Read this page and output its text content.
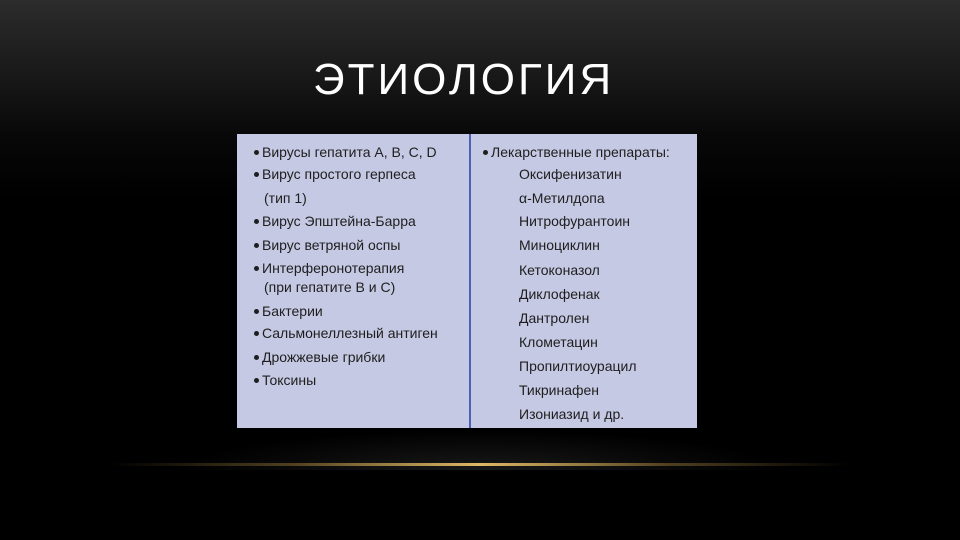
ЭТИОЛОГИЯ
Вирусы гепатита A, B, C, D
Вирус простого герпеса
(тип 1)
Вирус Эпштейна-Барра
Вирус ветряной оспы
Интерферонотерапия
(при гепатите В и С)
Бактерии
Сальмонеллезный антиген
Дрожжевые грибки
Токсины
Лекарственные препараты:
Оксифенизатин
α-Метилдопа
Нитрофурантоин
Миноциклин
Кетоконазол
Диклофенак
Дантролен
Клометацин
Пропилтиоурацил
Тикринафен
Изониазид и др.
